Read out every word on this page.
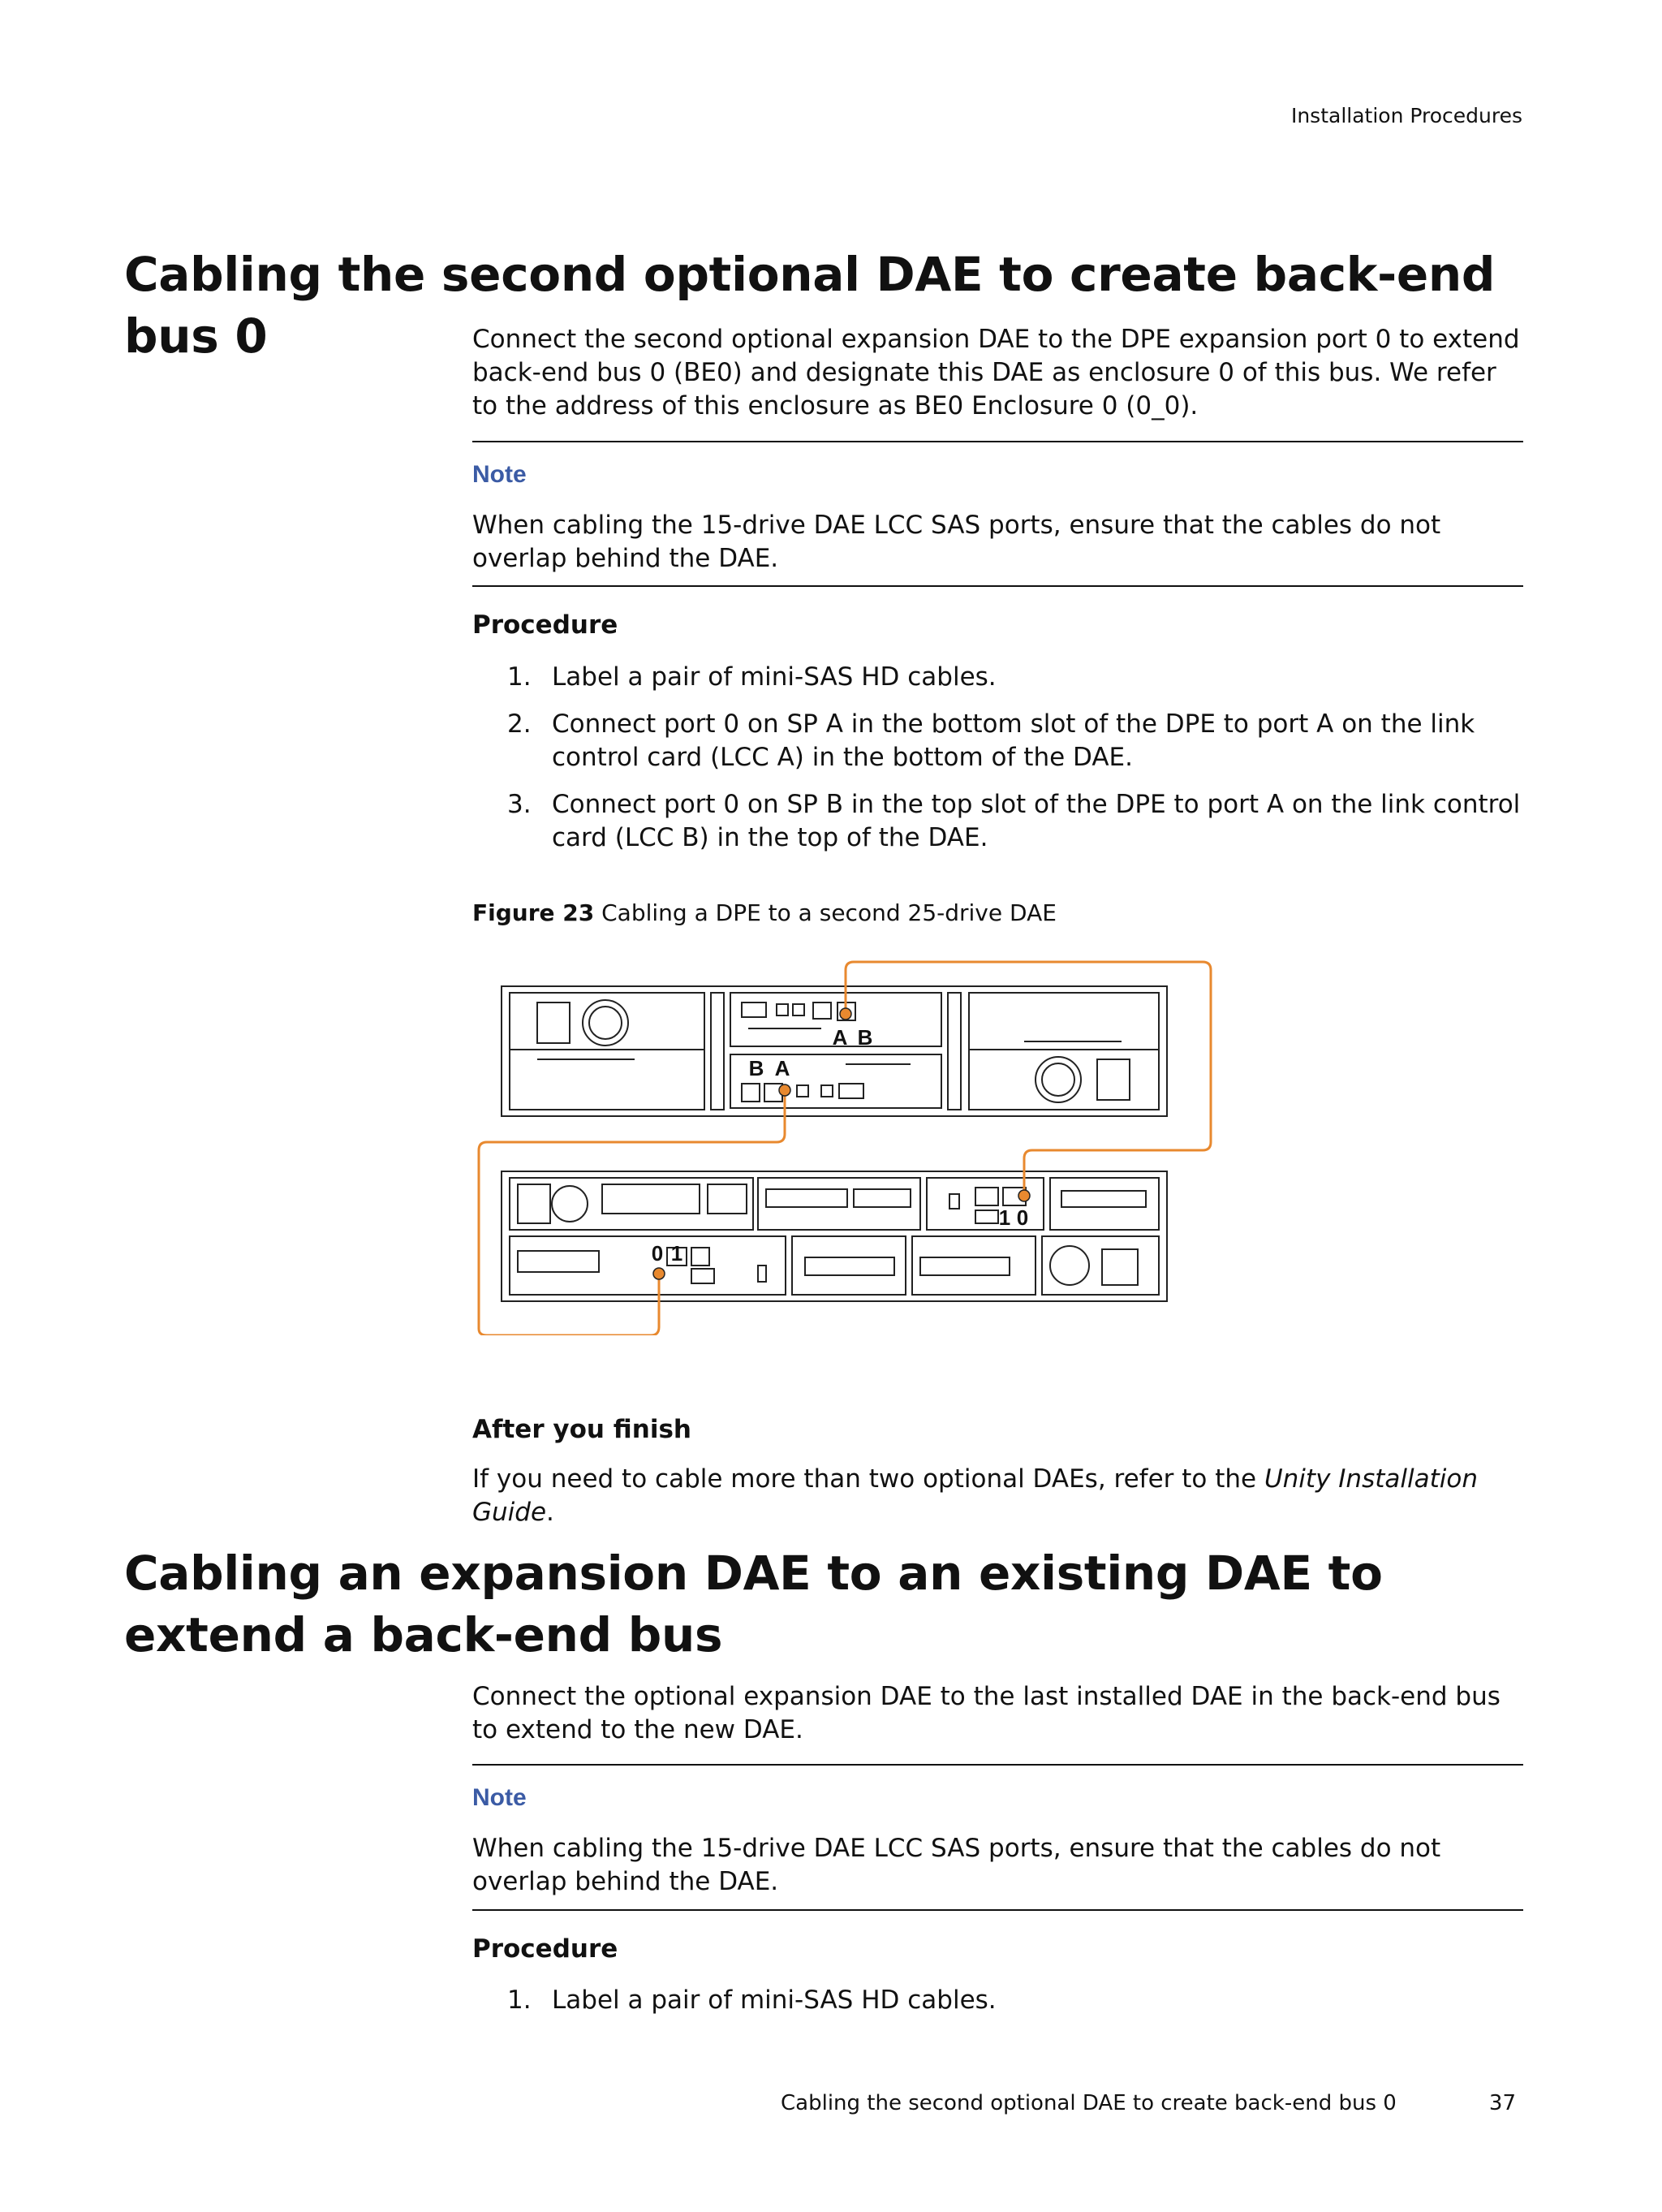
Installation Procedures
Cabling the second optional DAE to create back-end bus 0	Connect the second optional expansion DAE to the DPE expansion port 0 to extend back-end bus 0 (BE0) and designate this DAE as enclosure 0 of this bus. We refer to the address of this enclosure as BE0 Enclosure 0 (0_0).

Note

When cabling the 15-drive DAE LCC SAS ports, ensure that the cables do not overlap behind the DAE.

Procedure
1. Label a pair of mini-SAS HD cables.
2. Connect port 0 on SP A in the bottom slot of the DPE to port A on the link control card (LCC A) in the bottom of the DAE.
3. Connect port 0 on SP B in the top slot of the DPE to port A on the link control card (LCC B) in the top of the DAE.
Figure 23 Cabling a DPE to a second 25-drive DAE
A B
B A
1 0
0 1
After you finish

If you need to cable more than two optional DAEs, refer to the Unity Installation Guide.

Cabling an expansion DAE to an existing DAE to extend a back-end bus

Connect the optional expansion DAE to the last installed DAE in the back-end bus to extend to the new DAE.

Note

When cabling the 15-drive DAE LCC SAS ports, ensure that the cables do not overlap behind the DAE.

Procedure
1. Label a pair of mini-SAS HD cables.
Cabling the second optional DAE to create back-end bus 0	37
